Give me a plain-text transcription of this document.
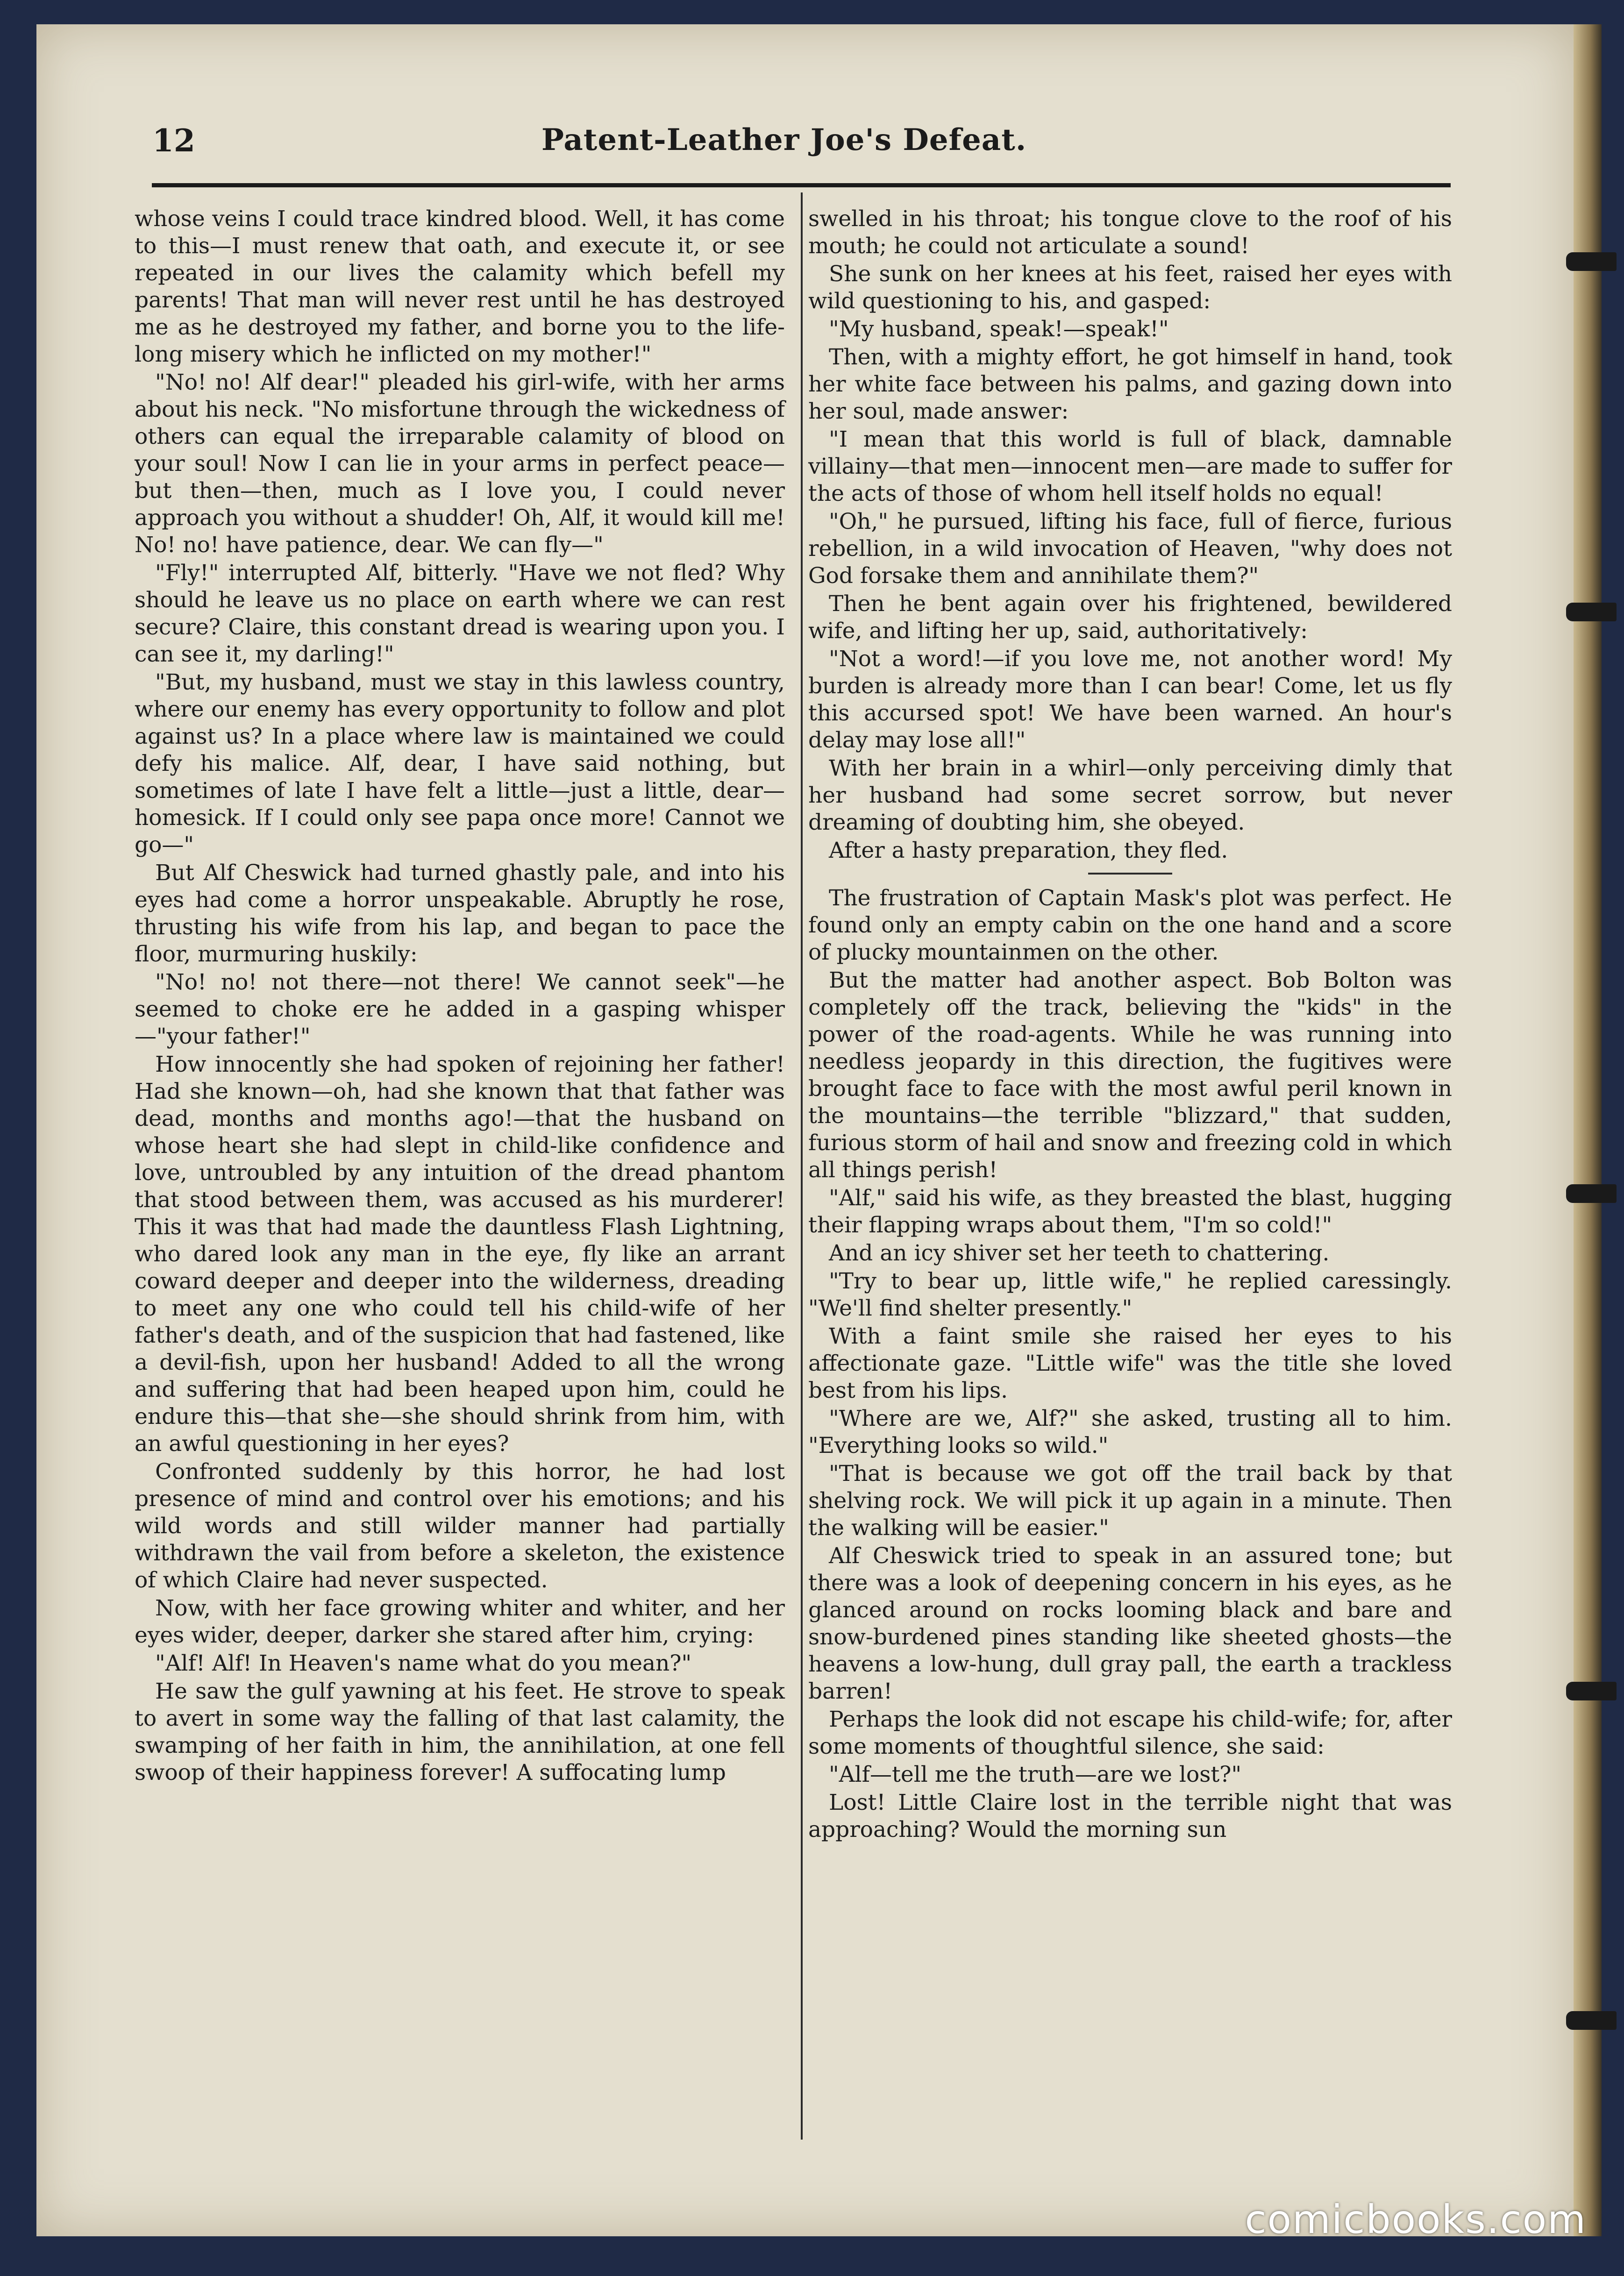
12	Patent-Leather Joe's Defeat.

whose veins I could trace kindred blood. Well, it has come to this—I must renew that oath, and execute it, or see repeated in our lives the calamity which befell my parents! That man will never rest until he has destroyed me as he destroyed my father, and borne you to the life-long misery which he inflicted on my mother!"

"No! no! Alf dear!" pleaded his girl-wife, with her arms about his neck. "No misfortune through the wickedness of others can equal the irreparable calamity of blood on your soul! Now I can lie in your arms in perfect peace—but then—then, much as I love you, I could never approach you without a shudder! Oh, Alf, it would kill me! No! no! have patience, dear. We can fly—"

"Fly!" interrupted Alf, bitterly. "Have we not fled? Why should he leave us no place on earth where we can rest secure? Claire, this constant dread is wearing upon you. I can see it, my darling!"

"But, my husband, must we stay in this lawless country, where our enemy has every opportunity to follow and plot against us? In a place where law is maintained we could defy his malice. Alf, dear, I have said nothing, but sometimes of late I have felt a little—just a little, dear—homesick. If I could only see papa once more! Cannot we go—"

But Alf Cheswick had turned ghastly pale, and into his eyes had come a horror unspeakable. Abruptly he rose, thrusting his wife from his lap, and began to pace the floor, murmuring huskily:

"No! no! not there—not there! We cannot seek"—he seemed to choke ere he added in a gasping whisper—"your father!"

How innocently she had spoken of rejoining her father! Had she known—oh, had she known that that father was dead, months and months ago!—that the husband on whose heart she had slept in child-like confidence and love, untroubled by any intuition of the dread phantom that stood between them, was accused as his murderer! This it was that had made the dauntless Flash Lightning, who dared look any man in the eye, fly like an arrant coward deeper and deeper into the wilderness, dreading to meet any one who could tell his child-wife of her father's death, and of the suspicion that had fastened, like a devil-fish, upon her husband! Added to all the wrong and suffering that had been heaped upon him, could he endure this—that she—she should shrink from him, with an awful questioning in her eyes?

Confronted suddenly by this horror, he had lost presence of mind and control over his emotions; and his wild words and still wilder manner had partially withdrawn the vail from before a skeleton, the existence of which Claire had never suspected.

Now, with her face growing whiter and whiter, and her eyes wider, deeper, darker she stared after him, crying:

"Alf! Alf! In Heaven's name what do you mean?"

He saw the gulf yawning at his feet. He strove to speak to avert in some way the falling of that last calamity, the swamping of her faith in him, the annihilation, at one fell swoop of their happiness forever! A suffocating lump

swelled in his throat; his tongue clove to the roof of his mouth; he could not articulate a sound!

She sunk on her knees at his feet, raised her eyes with wild questioning to his, and gasped:

"My husband, speak!—speak!"

Then, with a mighty effort, he got himself in hand, took her white face between his palms, and gazing down into her soul, made answer:

"I mean that this world is full of black, damnable villainy—that men—innocent men—are made to suffer for the acts of those of whom hell itself holds no equal!

"Oh," he pursued, lifting his face, full of fierce, furious rebellion, in a wild invocation of Heaven, "why does not God forsake them and annihilate them?"

Then he bent again over his frightened, bewildered wife, and lifting her up, said, authoritatively:

"Not a word!—if you love me, not another word! My burden is already more than I can bear! Come, let us fly this accursed spot! We have been warned. An hour's delay may lose all!"

With her brain in a whirl—only perceiving dimly that her husband had some secret sorrow, but never dreaming of doubting him, she obeyed.

After a hasty preparation, they fled.

The frustration of Captain Mask's plot was perfect. He found only an empty cabin on the one hand and a score of plucky mountainmen on the other.

But the matter had another aspect. Bob Bolton was completely off the track, believing the "kids" in the power of the road-agents. While he was running into needless jeopardy in this direction, the fugitives were brought face to face with the most awful peril known in the mountains—the terrible "blizzard," that sudden, furious storm of hail and snow and freezing cold in which all things perish!

"Alf," said his wife, as they breasted the blast, hugging their flapping wraps about them, "I'm so cold!"

And an icy shiver set her teeth to chattering.

"Try to bear up, little wife," he replied caressingly. "We'll find shelter presently."

With a faint smile she raised her eyes to his affectionate gaze. "Little wife" was the title she loved best from his lips.

"Where are we, Alf?" she asked, trusting all to him. "Everything looks so wild."

"That is because we got off the trail back by that shelving rock. We will pick it up again in a minute. Then the walking will be easier."

Alf Cheswick tried to speak in an assured tone; but there was a look of deepening concern in his eyes, as he glanced around on rocks looming black and bare and snow-burdened pines standing like sheeted ghosts—the heavens a low-hung, dull gray pall, the earth a trackless barren!

Perhaps the look did not escape his child-wife; for, after some moments of thoughtful silence, she said:

"Alf—tell me the truth—are we lost?"

Lost! Little Claire lost in the terrible night that was approaching? Would the morning sun

comicbooks.com
